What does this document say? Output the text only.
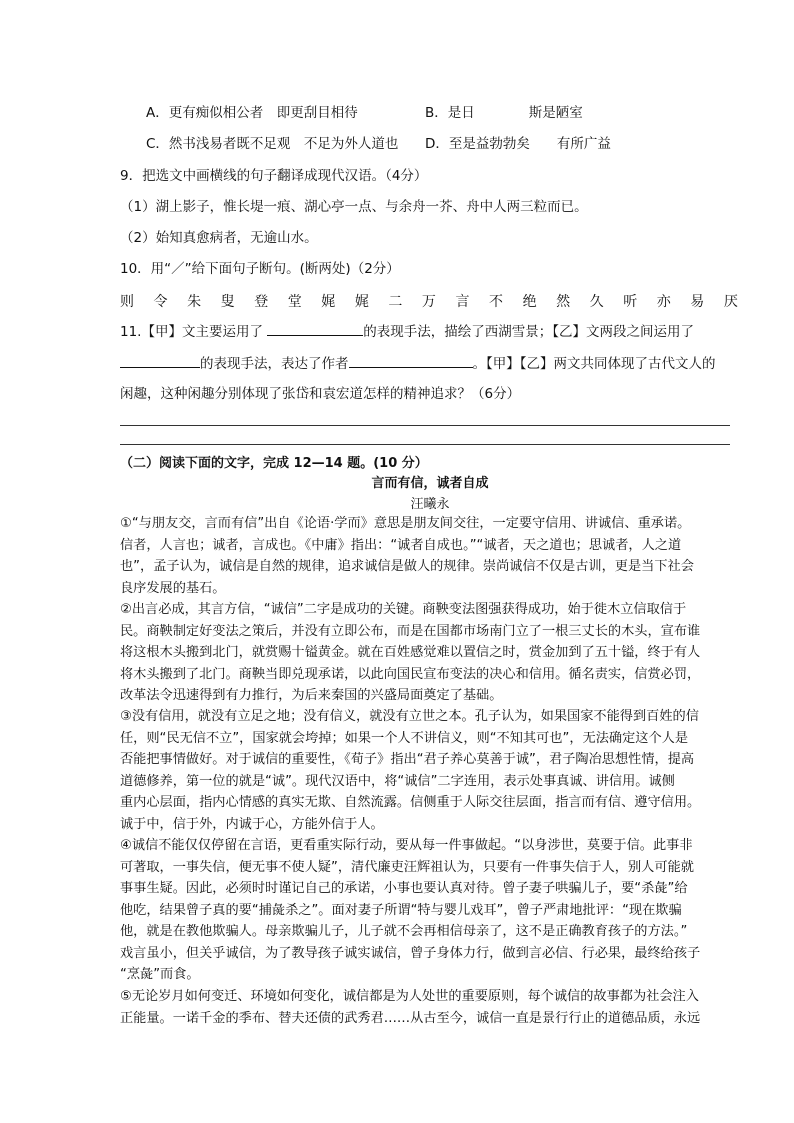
A．更有痴似相公者　即更刮目相待	B．是日　　　　斯是陋室
C．然书浅易者既不足观　不足为外人道也 D．至是益勃勃矣　　有所广益
9．把选文中画横线的句子翻译成现代汉语。（4分）
（1）湖上影子，惟长堤一痕、湖心亭一点、与余舟一芥、舟中人两三粒而已。
（2）始知真愈病者，无逾山水。
10．用“／”给下面句子断句。(断两处)（2分）
则 令 朱 叟 登 堂 娓 娓 二 万 言 不 绝 然 久 听 亦 易 厌
11.【甲】文主要运用了	的表现手法，描绘了西湖雪景；【乙】文两段之间运用了
的表现手法，表达了作者	。【甲】【乙】两文共同体现了古代文人的
闲趣，这种闲趣分别体现了张岱和袁宏道怎样的精神追求？（6分）
（二）阅读下面的文字，完成 12—14 题。(10 分）
言而有信，诚者自成
汪曦永
①“与朋友交，言而有信”出自《论语·学而》意思是朋友间交往，一定要守信用、讲诚信、重承诺。
信者，人言也；诚者，言成也。《中庸》指出：“诚者自成也。”“诚者，天之道也；思诚者，人之道
也”，孟子认为，诚信是自然的规律，追求诚信是做人的规律。崇尚诚信不仅是古训，更是当下社会
良序发展的基石。
②出言必成，其言方信，“诚信”二字是成功的关键。商鞅变法图强获得成功，始于徙木立信取信于
民。商鞅制定好变法之策后，并没有立即公布，而是在国都市场南门立了一根三丈长的木头，宣布谁
将这根木头搬到北门，就赏赐十镒黄金。就在百姓感觉难以置信之时，赏金加到了五十镒，终于有人
将木头搬到了北门。商鞅当即兑现承诺，以此向国民宣布变法的决心和信用。循名责实，信赏必罚，
改革法令迅速得到有力推行，为后来秦国的兴盛局面奠定了基础。
③没有信用，就没有立足之地；没有信义，就没有立世之本。孔子认为，如果国家不能得到百姓的信
任，则“民无信不立”，国家就会垮掉；如果一个人不讲信义，则“不知其可也”，无法确定这个人是
否能把事情做好。对于诚信的重要性，《荀子》指出“君子养心莫善于诚”，君子陶冶思想性情，提高
道德修养，第一位的就是“诚”。现代汉语中，将“诚信”二字连用，表示处事真诚、讲信用。诚侧
重内心层面，指内心情感的真实无欺、自然流露。信侧重于人际交往层面，指言而有信、遵守信用。
诚于中，信于外，内诚于心，方能外信于人。
④诚信不能仅仅停留在言语，更看重实际行动，要从每一件事做起。“以身涉世，莫要于信。此事非
可著取，一事失信，便无事不使人疑”，清代廉吏汪辉祖认为，只要有一件事失信于人，别人可能就
事事生疑。因此，必须时时谨记自己的承诺，小事也要认真对待。曾子妻子哄骗儿子，要“杀彘”给
他吃，结果曾子真的要“捕彘杀之”。面对妻子所谓“特与婴儿戏耳”，曾子严肃地批评：“现在欺骗
他，就是在教他欺骗人。母亲欺骗儿子，儿子就不会再相信母亲了，这不是正确教育孩子的方法。”
戏言虽小，但关乎诚信，为了教导孩子诚实诚信，曾子身体力行，做到言必信、行必果，最终给孩子
“烹彘”而食。
⑤无论岁月如何变迁、环境如何变化，诚信都是为人处世的重要原则，每个诚信的故事都为社会注入
正能量。一诺千金的季布、替夫还债的武秀君……从古至今，诚信一直是景行行止的道德品质，永远
